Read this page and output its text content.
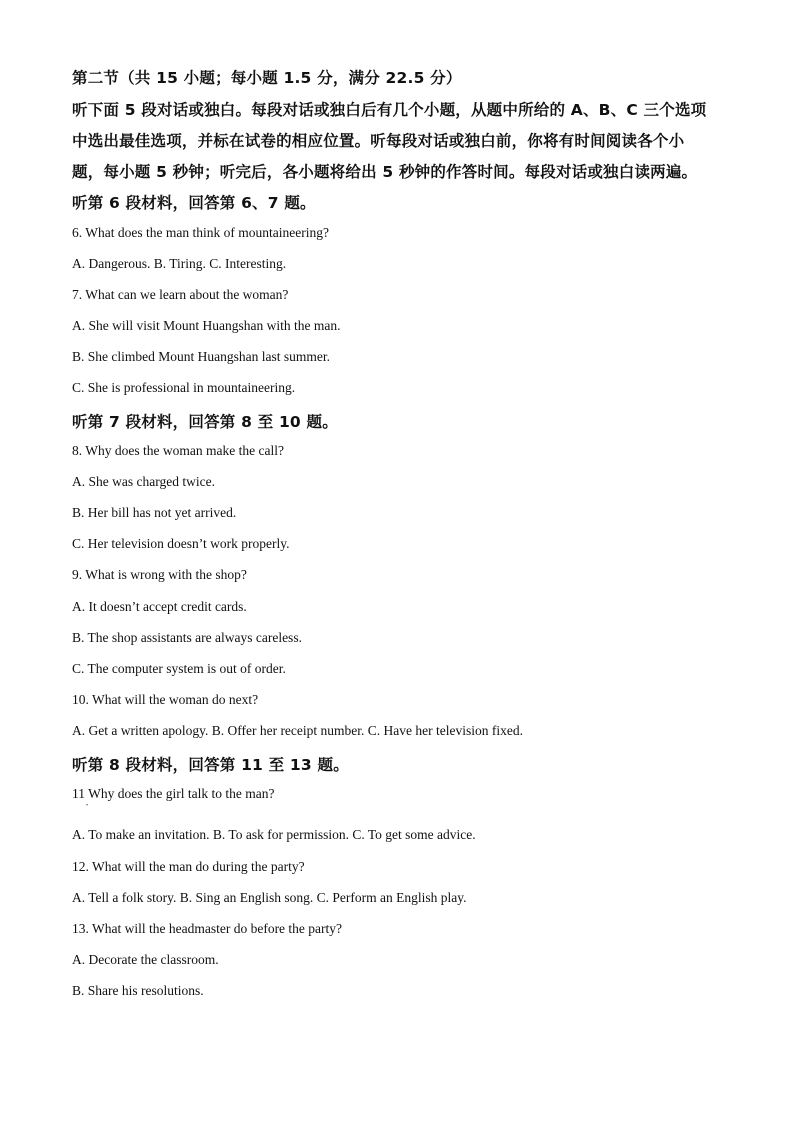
第二节（共 15 小题；每小题 1.5 分，满分 22.5 分）
听下面 5 段对话或独白。每段对话或独白后有几个小题，从题中所给的 A、B、C 三个选项
中选出最佳选项，并标在试卷的相应位置。听每段对话或独白前，你将有时间阅读各个小
题，每小题 5 秒钟；听完后，各小题将给出 5 秒钟的作答时间。每段对话或独白读两遍。
听第 6 段材料，回答第 6、7 题。
6. What does the man think of mountaineering?
A. Dangerous. B. Tiring. C. Interesting.
7. What can we learn about the woman?
A. She will visit Mount Huangshan with the man.
B. She climbed Mount Huangshan last summer.
C. She is professional in mountaineering.
听第 7 段材料，回答第 8 至 10 题。
8. Why does the woman make the call?
A. She was charged twice.
B. Her bill has not yet arrived.
C. Her television doesn’t work properly.
9. What is wrong with the shop?
A. It doesn’t accept credit cards.
B. The shop assistants are always careless.
C. The computer system is out of order.
10. What will the woman do next?
A. Get a written apology. B. Offer her receipt number. C. Have her television fixed.
听第 8 段材料，回答第 11 至 13 题。
11 Why does the girl talk to the man?
•
A. To make an invitation. B. To ask for permission. C. To get some advice.
12. What will the man do during the party?
A. Tell a folk story. B. Sing an English song. C. Perform an English play.
13. What will the headmaster do before the party?
A. Decorate the classroom.
B. Share his resolutions.
